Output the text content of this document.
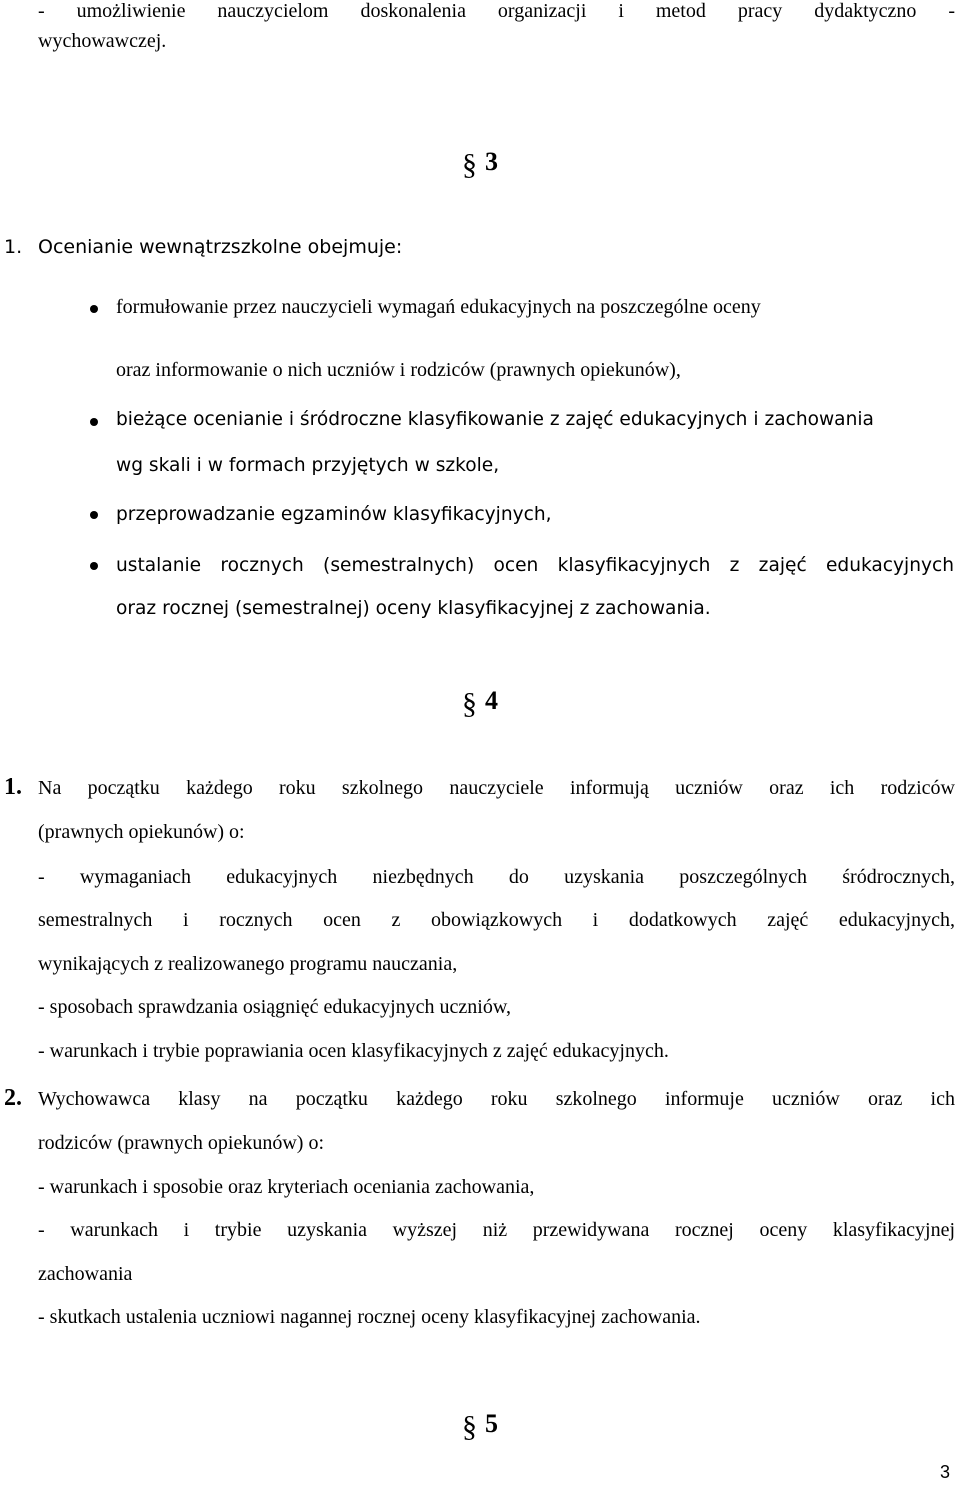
- umożliwienie nauczycielom doskonalenia organizacji i metod pracy dydaktyczno -
wychowawczej.
§ 3
1. Ocenianie wewnątrzszkolne obejmuje:
formułowanie przez nauczycieli wymagań edukacyjnych na poszczególne oceny
oraz informowanie o nich uczniów i rodziców (prawnych opiekunów),
bieżące ocenianie i śródroczne klasyfikowanie z zajęć edukacyjnych i zachowania
wg skali i w formach przyjętych w szkole,
przeprowadzanie egzaminów klasyfikacyjnych,
ustalanie rocznych (semestralnych) ocen klasyfikacyjnych z zajęć edukacyjnych
oraz rocznej (semestralnej) oceny klasyfikacyjnej z zachowania.
§ 4
1. Na początku każdego roku szkolnego nauczyciele informują uczniów oraz ich rodziców
(prawnych opiekunów) o:
- wymaganiach edukacyjnych niezbędnych do uzyskania poszczególnych śródrocznych,
semestralnych i rocznych ocen z obowiązkowych i dodatkowych zajęć edukacyjnych,
wynikających z realizowanego programu nauczania,
- sposobach sprawdzania osiągnięć edukacyjnych uczniów,
- warunkach i trybie poprawiania ocen klasyfikacyjnych z zajęć edukacyjnych.
2. Wychowawca klasy na początku każdego roku szkolnego informuje uczniów oraz ich
rodziców (prawnych opiekunów) o:
- warunkach i sposobie oraz kryteriach oceniania zachowania,
- warunkach i trybie uzyskania wyższej niż przewidywana rocznej oceny klasyfikacyjnej
zachowania
- skutkach ustalenia uczniowi nagannej rocznej oceny klasyfikacyjnej zachowania.
§ 5
3
